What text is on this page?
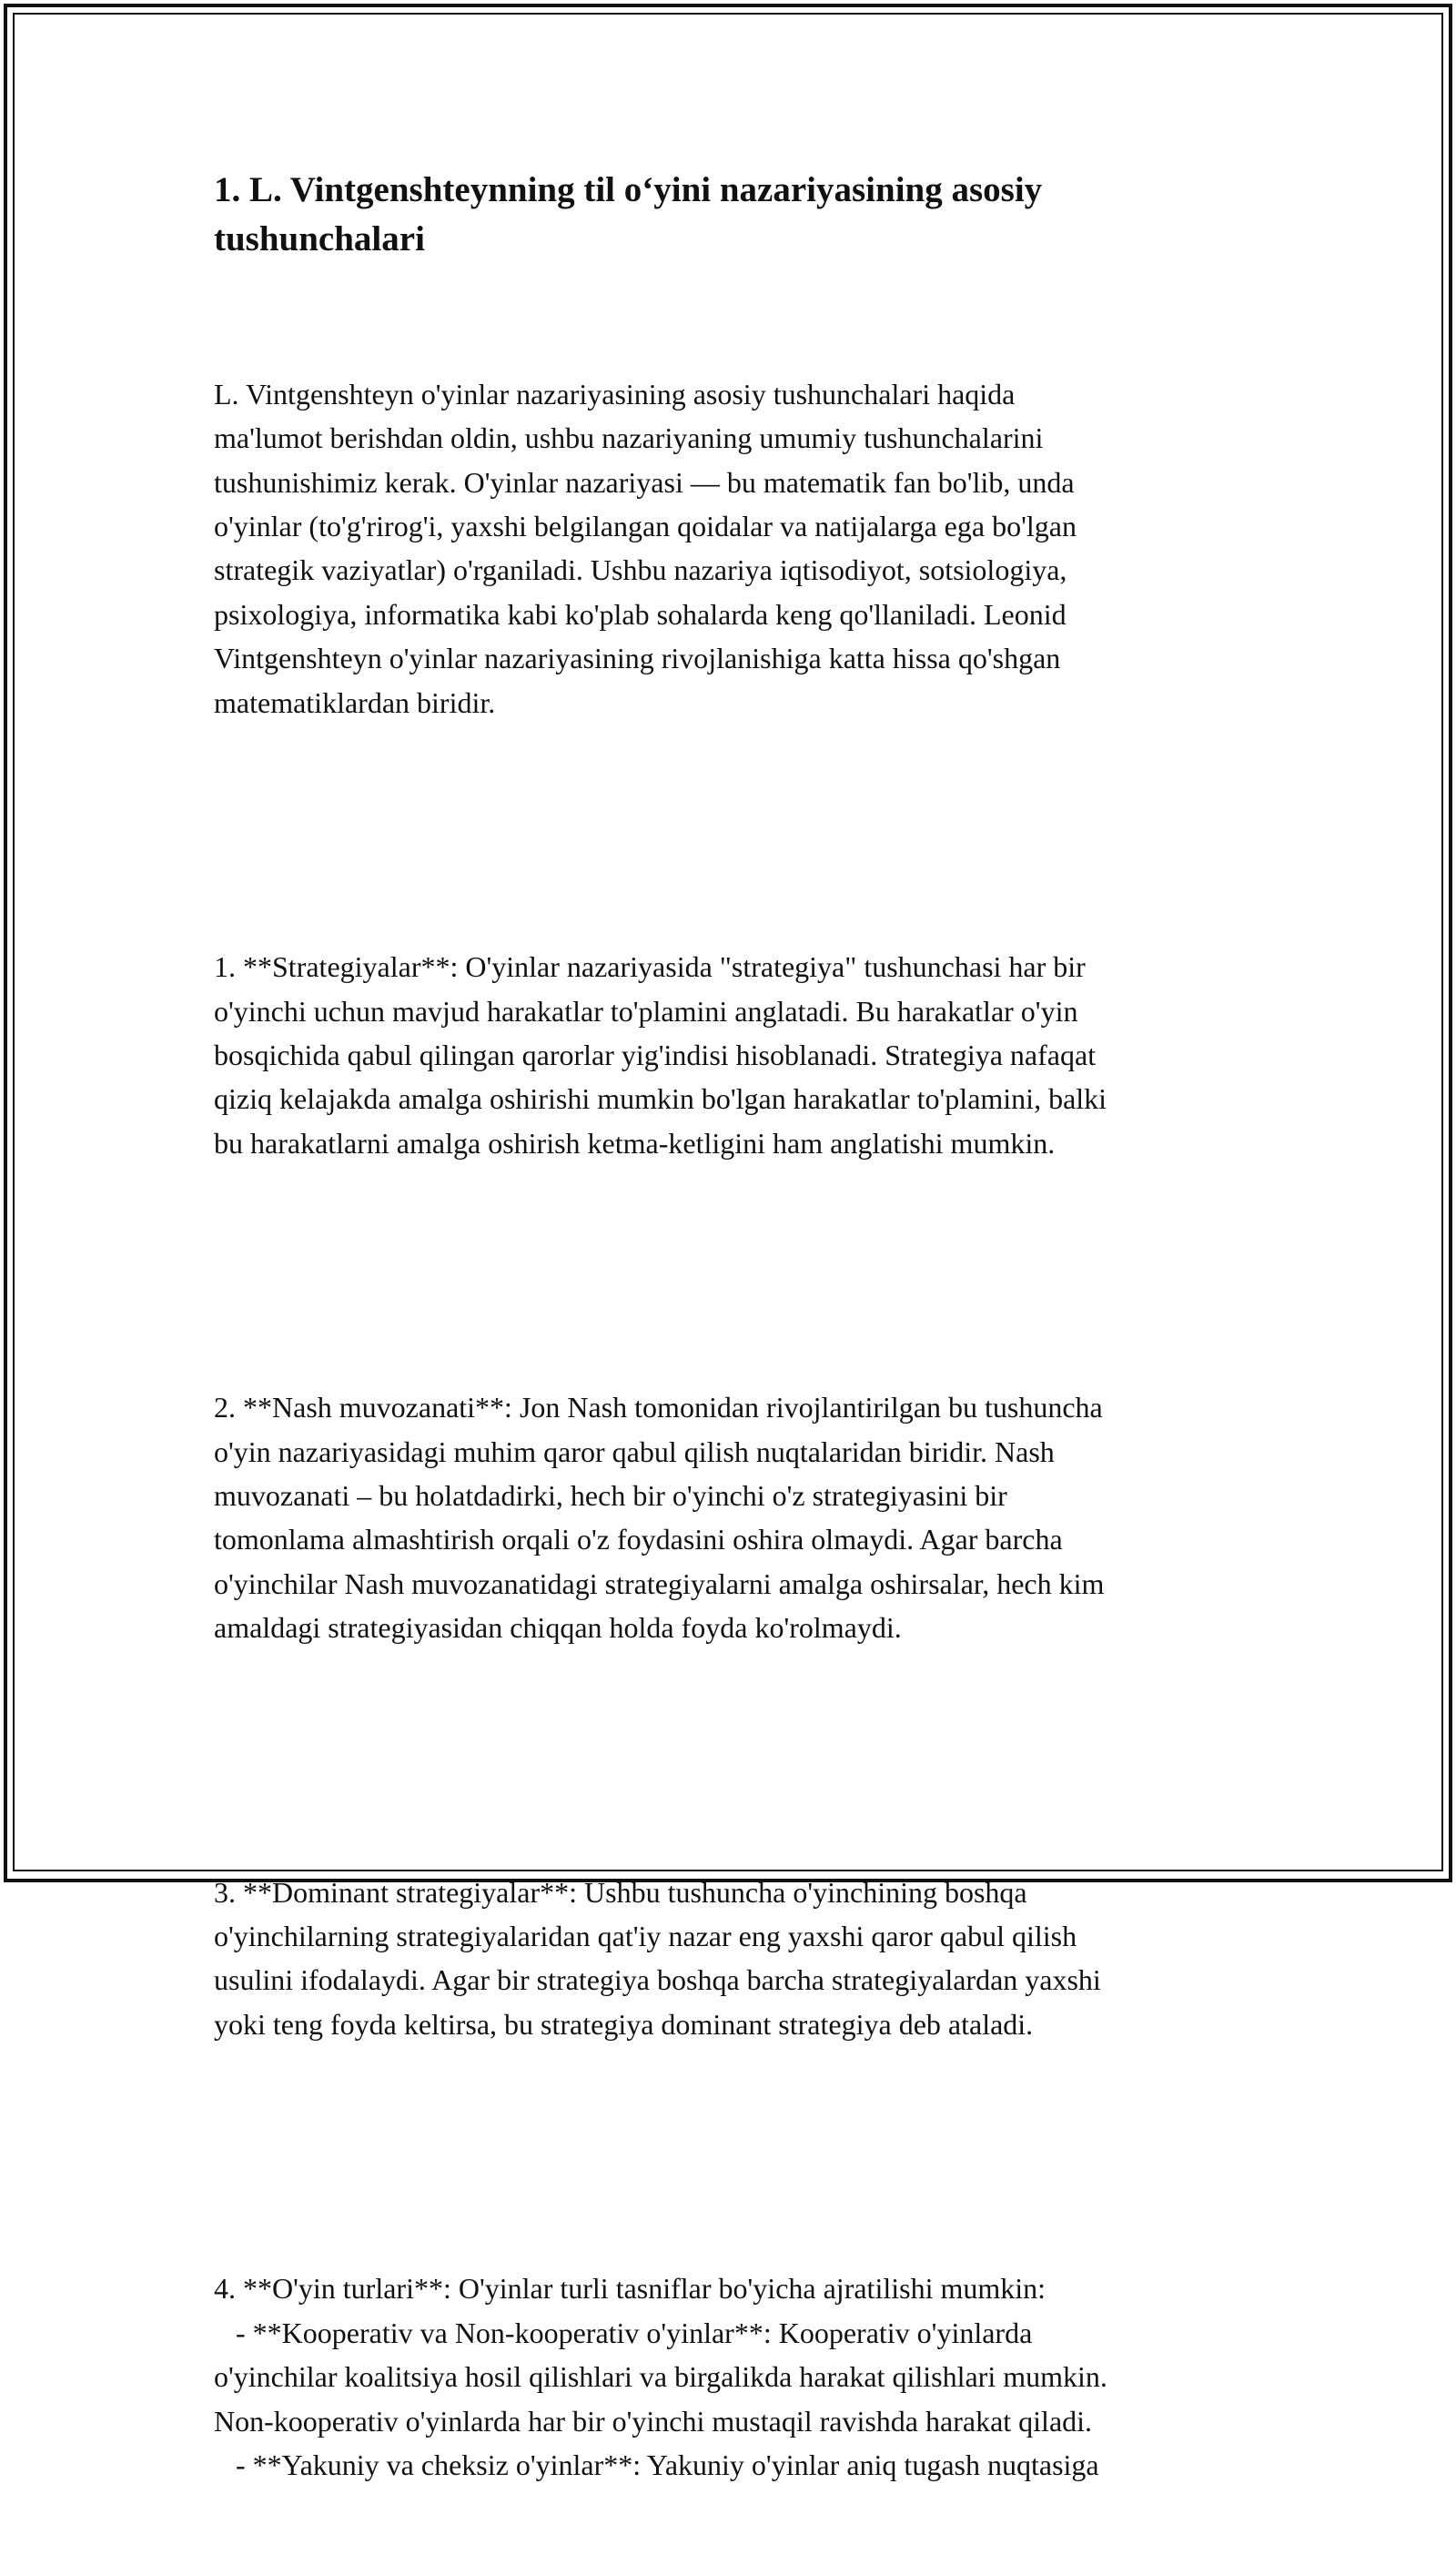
1. L. Vintgenshteynning til o‘yini nazariyasining asosiy tushunchalari

L. Vintgenshteyn o'yinlar nazariyasining asosiy tushunchalari haqida
ma'lumot berishdan oldin, ushbu nazariyaning umumiy tushunchalarini
tushunishimiz kerak. O'yinlar nazariyasi — bu matematik fan bo'lib, unda
o'yinlar (to'g'rirog'i, yaxshi belgilangan qoidalar va natijalarga ega bo'lgan
strategik vaziyatlar) o'rganiladi. Ushbu nazariya iqtisodiyot, sotsiologiya,
psixologiya, informatika kabi ko'plab sohalarda keng qo'llaniladi. Leonid
Vintgenshteyn o'yinlar nazariyasining rivojlanishiga katta hissa qo'shgan
matematiklardan biridir.

1. **Strategiyalar**: O'yinlar nazariyasida "strategiya" tushunchasi har bir
o'yinchi uchun mavjud harakatlar to'plamini anglatadi. Bu harakatlar o'yin
bosqichida qabul qilingan qarorlar yig'indisi hisoblanadi. Strategiya nafaqat
qiziq kelajakda amalga oshirishi mumkin bo'lgan harakatlar to'plamini, balki
bu harakatlarni amalga oshirish ketma-ketligini ham anglatishi mumkin.

2. **Nash muvozanati**: Jon Nash tomonidan rivojlantirilgan bu tushuncha
o'yin nazariyasidagi muhim qaror qabul qilish nuqtalaridan biridir. Nash
muvozanati – bu holatdadirki, hech bir o'yinchi o'z strategiyasini bir
tomonlama almashtirish orqali o'z foydasini oshira olmaydi. Agar barcha
o'yinchilar Nash muvozanatidagi strategiyalarni amalga oshirsalar, hech kim
amaldagi strategiyasidan chiqqan holda foyda ko'rolmaydi.

3. **Dominant strategiyalar**: Ushbu tushuncha o'yinchining boshqa
o'yinchilarning strategiyalaridan qat'iy nazar eng yaxshi qaror qabul qilish
usulini ifodalaydi. Agar bir strategiya boshqa barcha strategiyalardan yaxshi
yoki teng foyda keltirsa, bu strategiya dominant strategiya deb ataladi.

4. **O'yin turlari**: O'yinlar turli tasniflar bo'yicha ajratilishi mumkin:
- **Kooperativ va Non-kooperativ o'yinlar**: Kooperativ o'yinlarda
o'yinchilar koalitsiya hosil qilishlari va birgalikda harakat qilishlari mumkin.
Non-kooperativ o'yinlarda har bir o'yinchi mustaqil ravishda harakat qiladi.
- **Yakuniy va cheksiz o'yinlar**: Yakuniy o'yinlar aniq tugash nuqtasiga
